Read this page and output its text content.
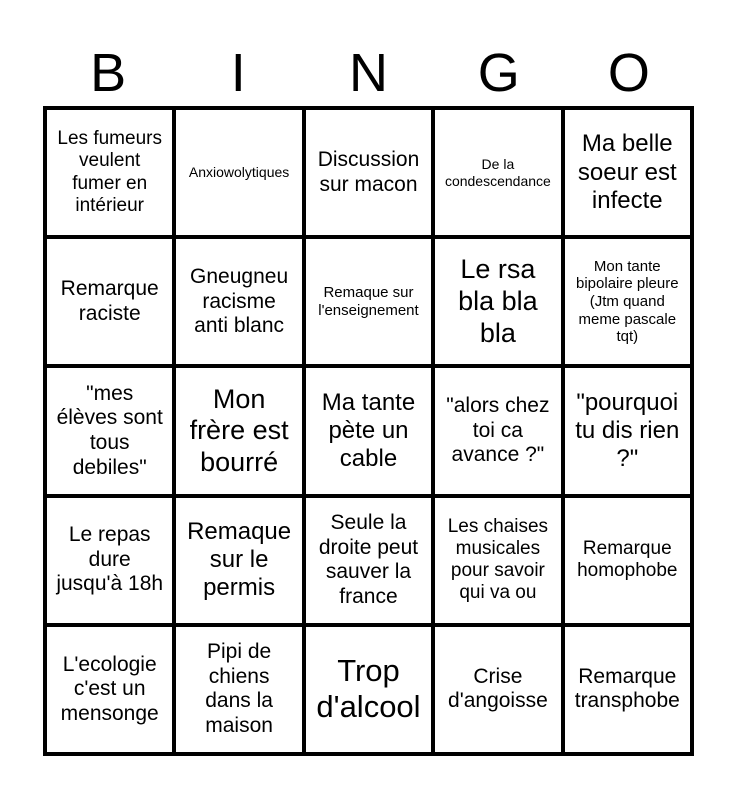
B	I	N	G	O
Les fumeurs veulent fumer en intérieur
Anxiowolytiques
Discussion sur macon
De la condescendance
Ma belle soeur est infecte
Remarque raciste
Gneugneu racisme anti blanc
Remaque sur l'enseignement
Le rsa bla bla bla
Mon tante bipolaire pleure (Jtm quand meme pascale tqt)
"mes élèves sont tous debiles"
Mon frère est bourré
Ma tante pète un cable
"alors chez toi ca avance ?"
"pourquoi tu dis rien ?"
Le repas dure jusqu'à 18h
Remaque sur le permis
Seule la droite peut sauver la france
Les chaises musicales pour savoir qui va ou
Remarque homophobe
L'ecologie c'est un mensonge
Pipi de chiens dans la maison
Trop d'alcool
Crise d'angoisse
Remarque transphobe
